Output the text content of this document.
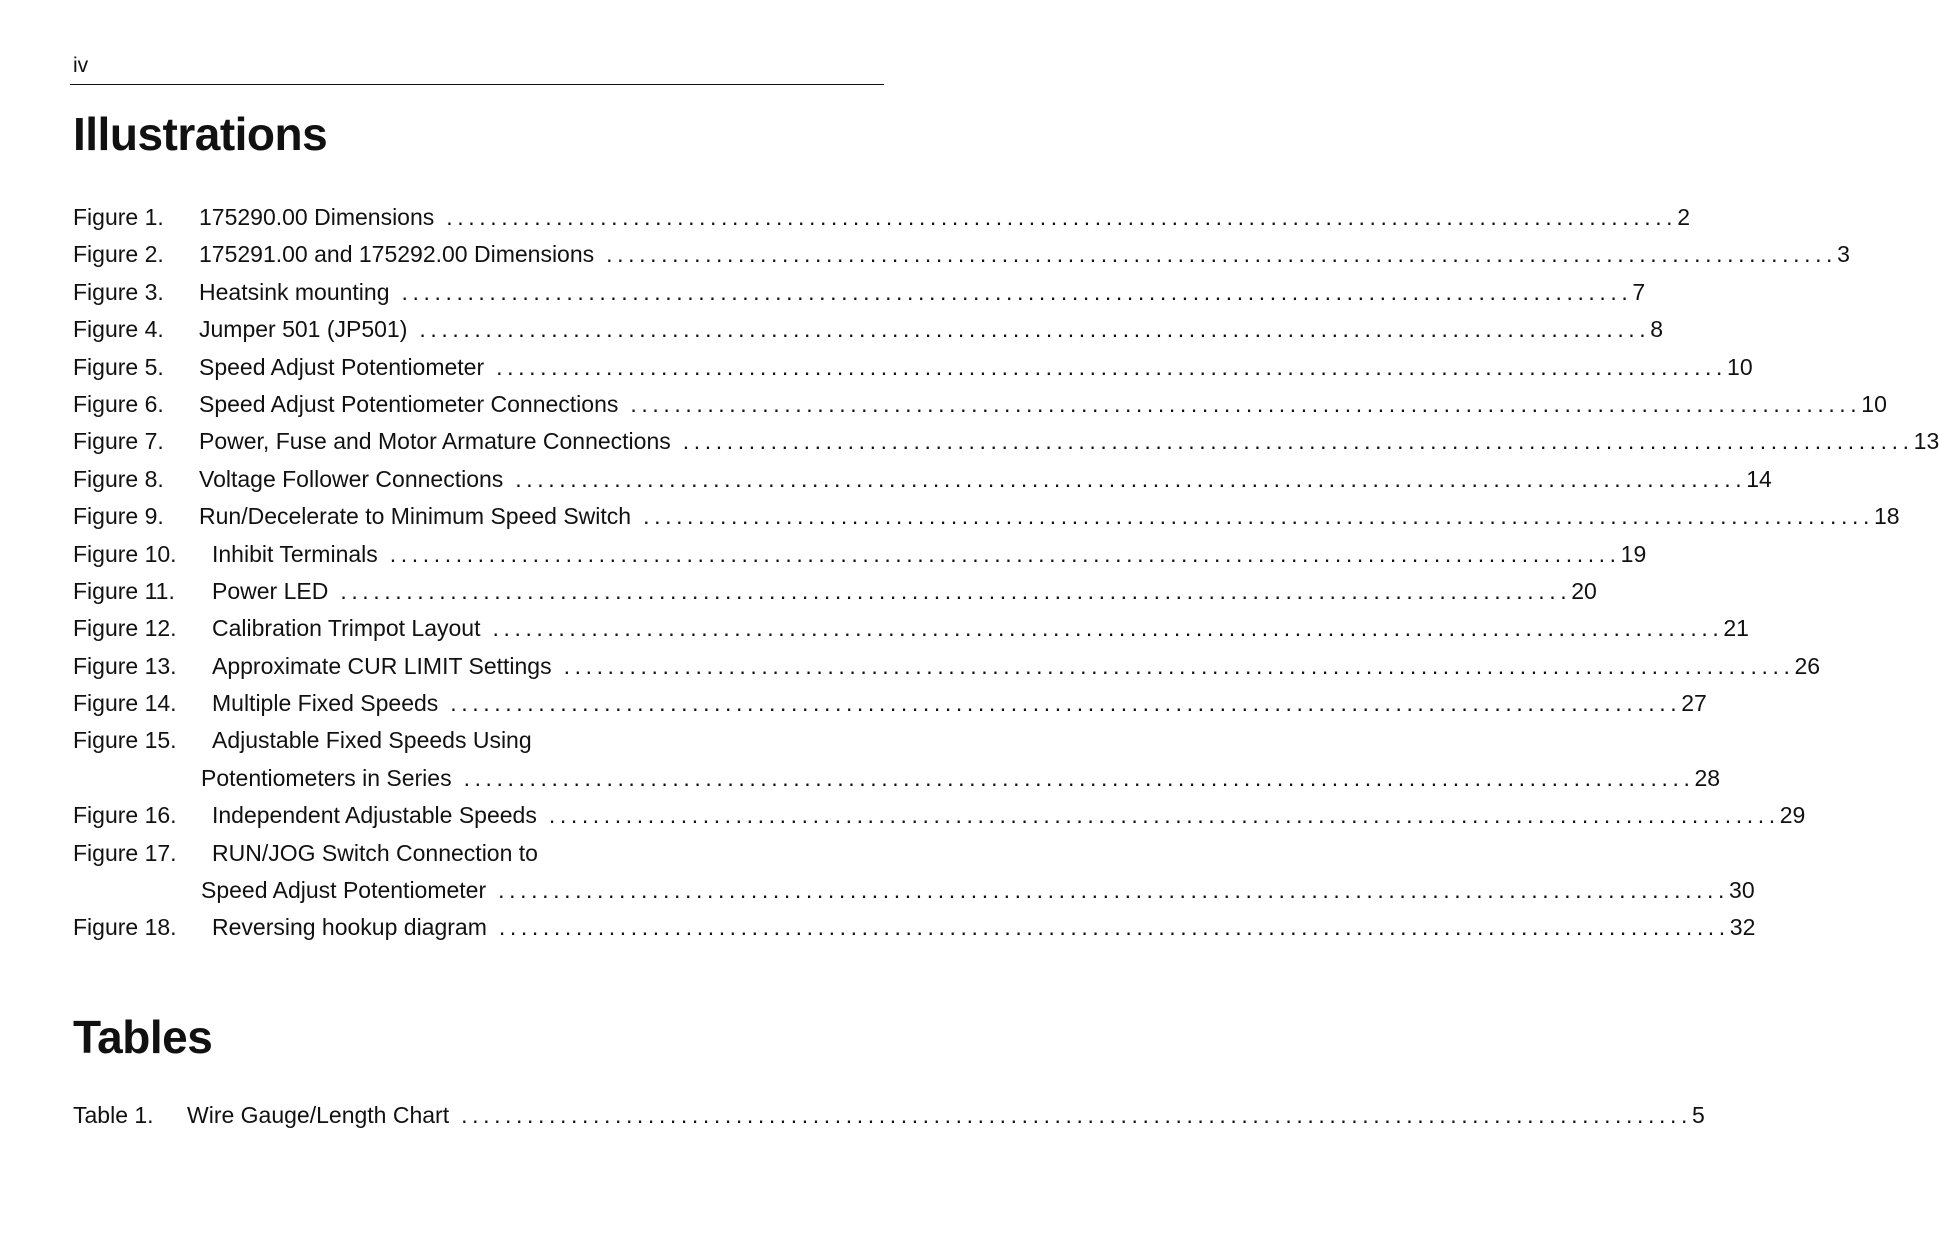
iv
Illustrations
Figure 1.	175290.00 Dimensions ................................................................................................................ 2
Figure 2.	175291.00 and 175292.00 Dimensions ................................................................................................................ 3
Figure 3.	Heatsink mounting ................................................................................................................ 7
Figure 4.	Jumper 501 (JP501) ................................................................................................................ 8
Figure 5.	Speed Adjust Potentiometer ................................................................................................................ 10
Figure 6.	Speed Adjust Potentiometer Connections ................................................................................................................ 10
Figure 7.	Power, Fuse and Motor Armature Connections ................................................................................................................ 13
Figure 8.	Voltage Follower Connections ................................................................................................................ 14
Figure 9.	Run/Decelerate to Minimum Speed Switch ................................................................................................................ 18
Figure 10.	Inhibit Terminals ................................................................................................................ 19
Figure 11.	Power LED ................................................................................................................ 20
Figure 12.	Calibration Trimpot Layout ................................................................................................................ 21
Figure 13.	Approximate CUR LIMIT Settings ................................................................................................................ 26
Figure 14.	Multiple Fixed Speeds ................................................................................................................ 27
Figure 15.	Adjustable Fixed Speeds Using
Potentiometers in Series ................................................................................................................ 28
Figure 16.	Independent Adjustable Speeds ................................................................................................................ 29
Figure 17.	RUN/JOG Switch Connection to
Speed Adjust Potentiometer ................................................................................................................ 30
Figure 18.	Reversing hookup diagram ................................................................................................................ 32
Tables
Table 1.	Wire Gauge/Length Chart ................................................................................................................ 5
